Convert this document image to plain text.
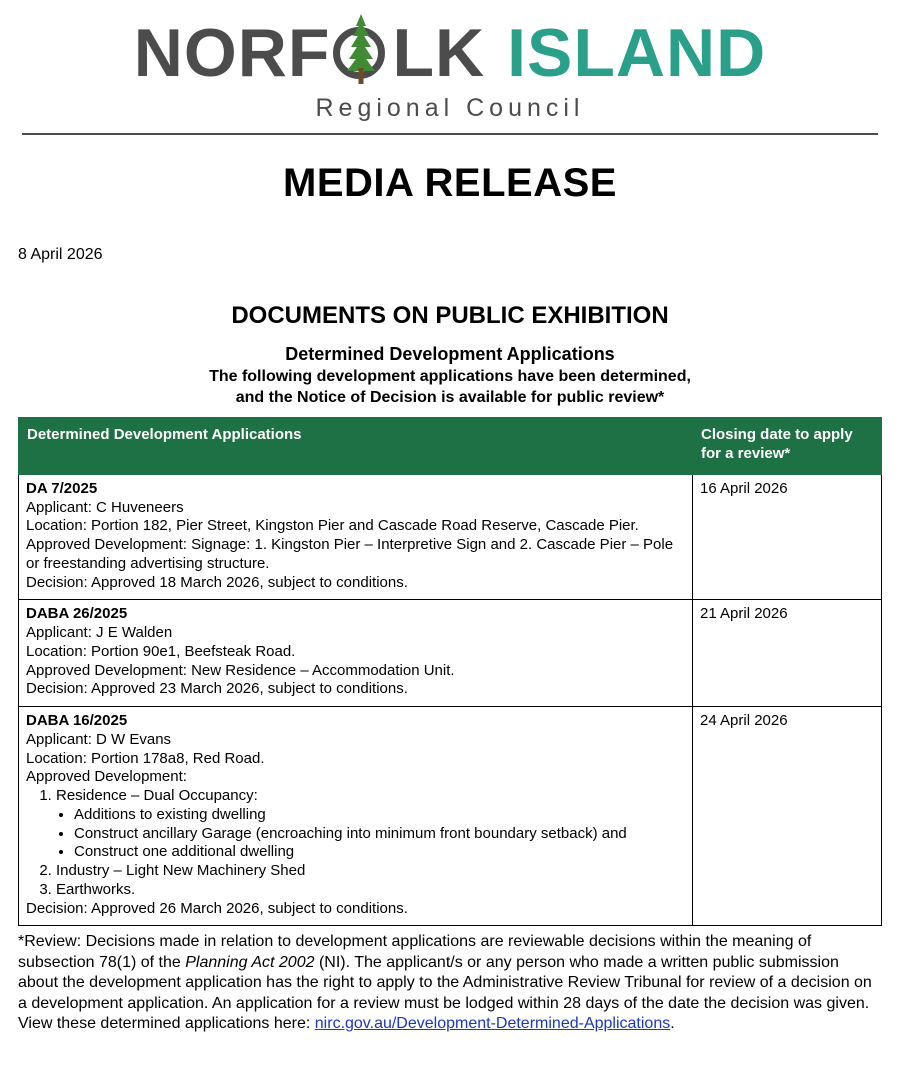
NORF LK ISLAND
Regional Council
MEDIA RELEASE
8 April 2026
DOCUMENTS ON PUBLIC EXHIBITION
Determined Development Applications
The following development applications have been determined,
and the Notice of Decision is available for public review*
Determined Development Applications	Closing date to apply for a review*

DA 7/2025
Applicant: C Huveneers
Location: Portion 182, Pier Street, Kingston Pier and Cascade Road Reserve, Cascade Pier.
Approved Development: Signage: 1. Kingston Pier – Interpretive Sign and 2. Cascade Pier – Pole or freestanding advertising structure.
Decision: Approved 18 March 2026, subject to conditions.	16 April 2026

DABA 26/2025
Applicant: J E Walden
Location: Portion 90e1, Beefsteak Road.
Approved Development: New Residence – Accommodation Unit.
Decision: Approved 23 March 2026, subject to conditions.	21 April 2026

DABA 16/2025
Applicant: D W Evans
Location: Portion 178a8, Red Road.
Approved Development:
1. Residence – Dual Occupancy:
• Additions to existing dwelling
• Construct ancillary Garage (encroaching into minimum front boundary setback) and
• Construct one additional dwelling
2. Industry – Light New Machinery Shed
3. Earthworks.
Decision: Approved 26 March 2026, subject to conditions.
	24 April 2026
*Review: Decisions made in relation to development applications are reviewable decisions within the meaning of subsection 78(1) of the Planning Act 2002 (NI). The applicant/s or any person who made a written public submission about the development application has the right to apply to the Administrative Review Tribunal for review of a decision on a development application. An application for a review must be lodged within 28 days of the date the decision was given. View these determined applications here: nirc.gov.au/Development-Determined-Applications.
